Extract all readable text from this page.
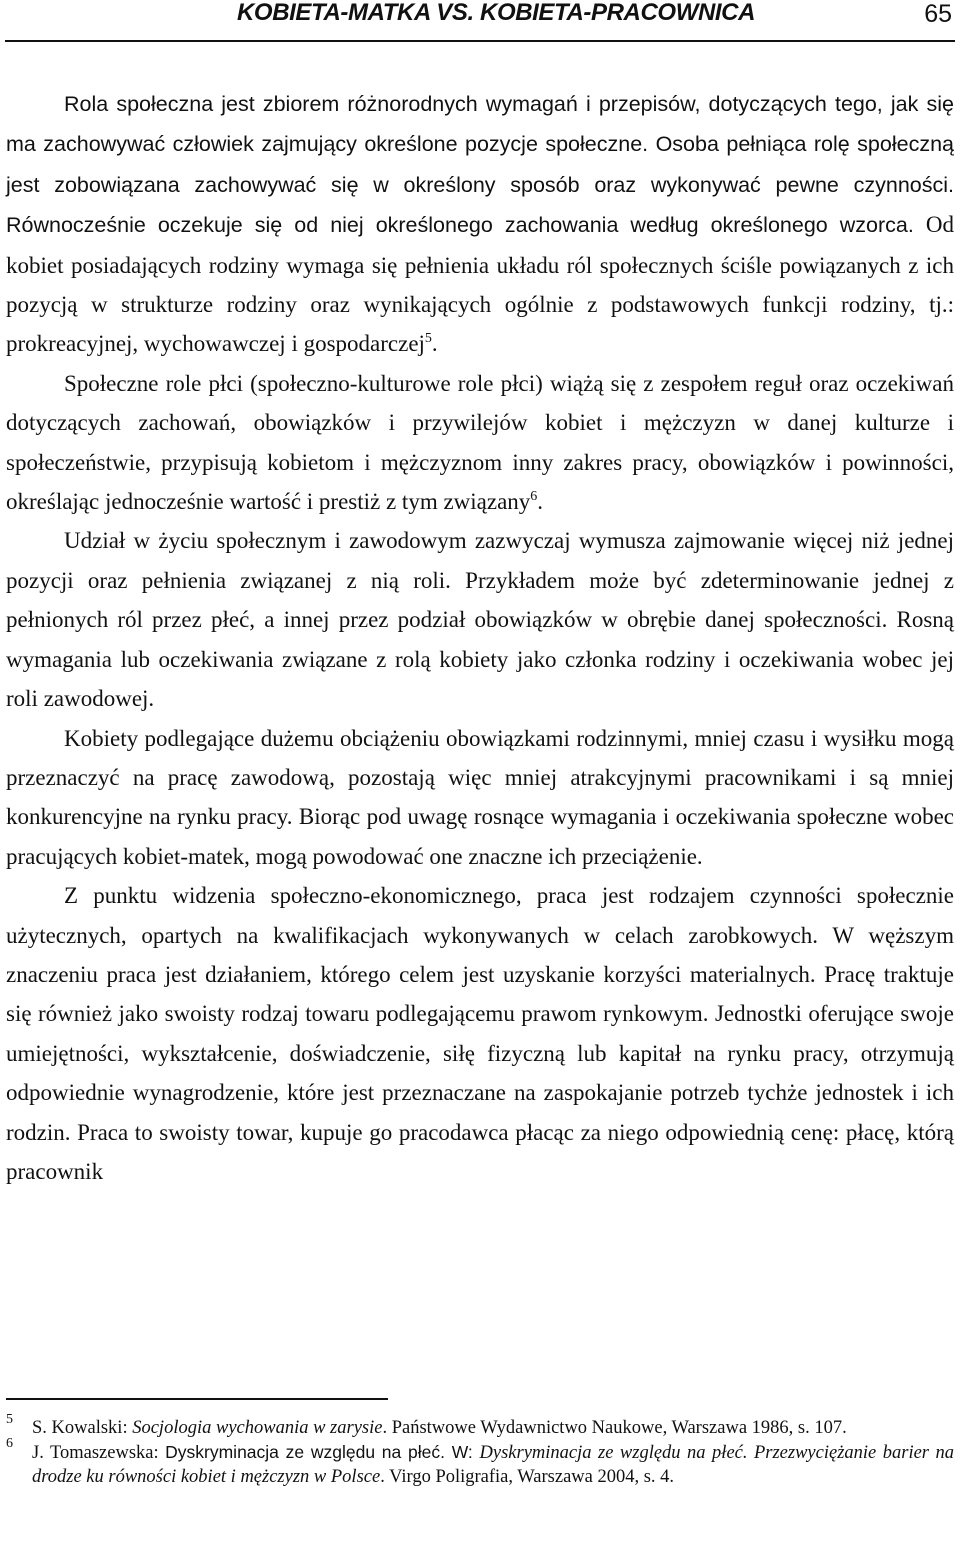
KOBIETA-MATKA VS. KOBIETA-PRACOWNICA	65

Rola społeczna jest zbiorem różnorodnych wymagań i przepisów, dotyczących tego, jak się ma zachowywać człowiek zajmujący określone pozycje społeczne. Osoba pełniąca rolę społeczną jest zobowiązana zachowywać się w określony sposób oraz wykonywać pewne czynności. Równocześnie oczekuje się od niej określonego zachowania według określonego wzorca. Od kobiet posiadających rodziny wymaga się pełnienia układu ról społecznych ściśle powiązanych z ich pozycją w strukturze rodziny oraz wynikających ogólnie z podstawowych funkcji rodziny, tj.: prokreacyjnej, wychowawczej i gospodarczej$^5$.

Społeczne role płci (społeczno-kulturowe role płci) wiążą się z zespołem reguł oraz oczekiwań dotyczących zachowań, obowiązków i przywilejów kobiet i mężczyzn w danej kulturze i społeczeństwie, przypisują kobietom i mężczyznom inny zakres pracy, obowiązków i powinności, określając jednocześnie wartość i prestiż z tym związany$^6$.

Udział w życiu społecznym i zawodowym zazwyczaj wymusza zajmowanie więcej niż jednej pozycji oraz pełnienia związanej z nią roli. Przykładem może być zdeterminowanie jednej z pełnionych ról przez płeć, a innej przez podział obowiązków w obrębie danej społeczności. Rosną wymagania lub oczekiwania związane z rolą kobiety jako członka rodziny i oczekiwania wobec jej roli zawodowej.

Kobiety podlegające dużemu obciążeniu obowiązkami rodzinnymi, mniej czasu i wysiłku mogą przeznaczyć na pracę zawodową, pozostają więc mniej atrakcyjnymi pracownikami i są mniej konkurencyjne na rynku pracy. Biorąc pod uwagę rosnące wymagania i oczekiwania społeczne wobec pracujących kobiet-matek, mogą powodować one znaczne ich przeciążenie.

Z punktu widzenia społeczno-ekonomicznego, praca jest rodzajem czynności społecznie użytecznych, opartych na kwalifikacjach wykonywanych w celach zarobkowych. W węższym znaczeniu praca jest działaniem, którego celem jest uzyskanie korzyści materialnych. Pracę traktuje się również jako swoisty rodzaj towaru podlegającemu prawom rynkowym. Jednostki oferujące swoje umiejętności, wykształcenie, doświadczenie, siłę fizyczną lub kapitał na rynku pracy, otrzymują odpowiednie wynagrodzenie, które jest przeznaczane na zaspokajanie potrzeb tychże jednostek i ich rodzin. Praca to swoisty towar, kupuje go pracodawca płacąc za niego odpowiednią cenę: płacę, którą pracownik

5 S. Kowalski: Socjologia wychowania w zarysie. Państwowe Wydawnictwo Naukowe, Warszawa 1986, s. 107.
6 J. Tomaszewska: Dyskryminacja ze względu na płeć. W: Dyskryminacja ze względu na płeć. Przezwyciężanie barier na drodze ku równości kobiet i mężczyzn w Polsce. Virgo Poligrafia, Warszawa 2004, s. 4.
